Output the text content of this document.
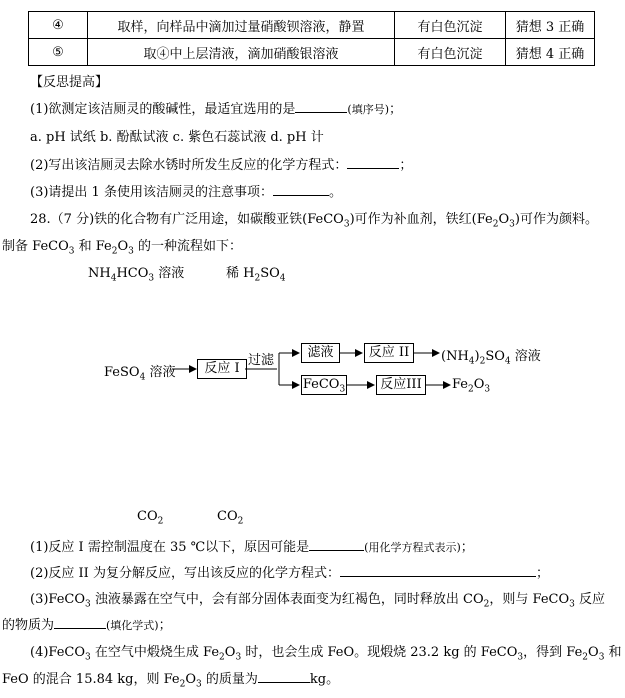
④	取样，向样品中滴加过量硝酸钡溶液，静置	有白色沉淀	猜想 3 正确
⑤	取④中上层清液，滴加硝酸银溶液	有白色沉淀	猜想 4 正确
【反思提高】
(1)欲测定该洁厕灵的酸碱性，最适宜选用的是	(填序号)；
a. pH 试纸 b. 酚酞试液 c. 紫色石蕊试液 d. pH 计
(2)写出该洁厕灵去除水锈时所发生反应的化学方程式：	；
(3)请提出 1 条使用该洁厕灵的注意事项：	。
28.（7 分)铁的化合物有广泛用途，如碳酸亚铁(FeCO$_3$)可作为补血剂，铁红$(Fe_2O_3)$可作为颜料。
制备 FeCO$_3$ 和 $Fe_2O_3$ 的一种流程如下：
$NH_4HCO_3$ 溶液	稀 $H_2SO_4$
FeSO$_4$ 溶液	反应 I
过滤
滤液	反应 II	$(NH_4)_2SO_4$ 溶液
FeCO$_3$	反应III	$Fe_2O_3$
$CO_2$	$CO_2$
(1)反应 I 需控制温度在 35 ℃以下，原因可能是	(用化学方程式表示)；
(2)反应 II 为复分解反应，写出该反应的化学方程式：	；
(3)FeCO$_3$ 浊液暴露在空气中，会有部分固体表面变为红褐色，同时释放出 $CO_2$，则与 FeCO$_3$ 反应
的物质为	(填化学式)；
(4)FeCO$_3$ 在空气中煅烧生成 $Fe_2O_3$ 时，也会生成 FeO。现煅烧 23.2 kg 的 FeCO$_3$，得到 $Fe_2O_3$ 和
FeO 的混合 15.84 kg，则 $Fe_2O_3$ 的质量为	kg。
